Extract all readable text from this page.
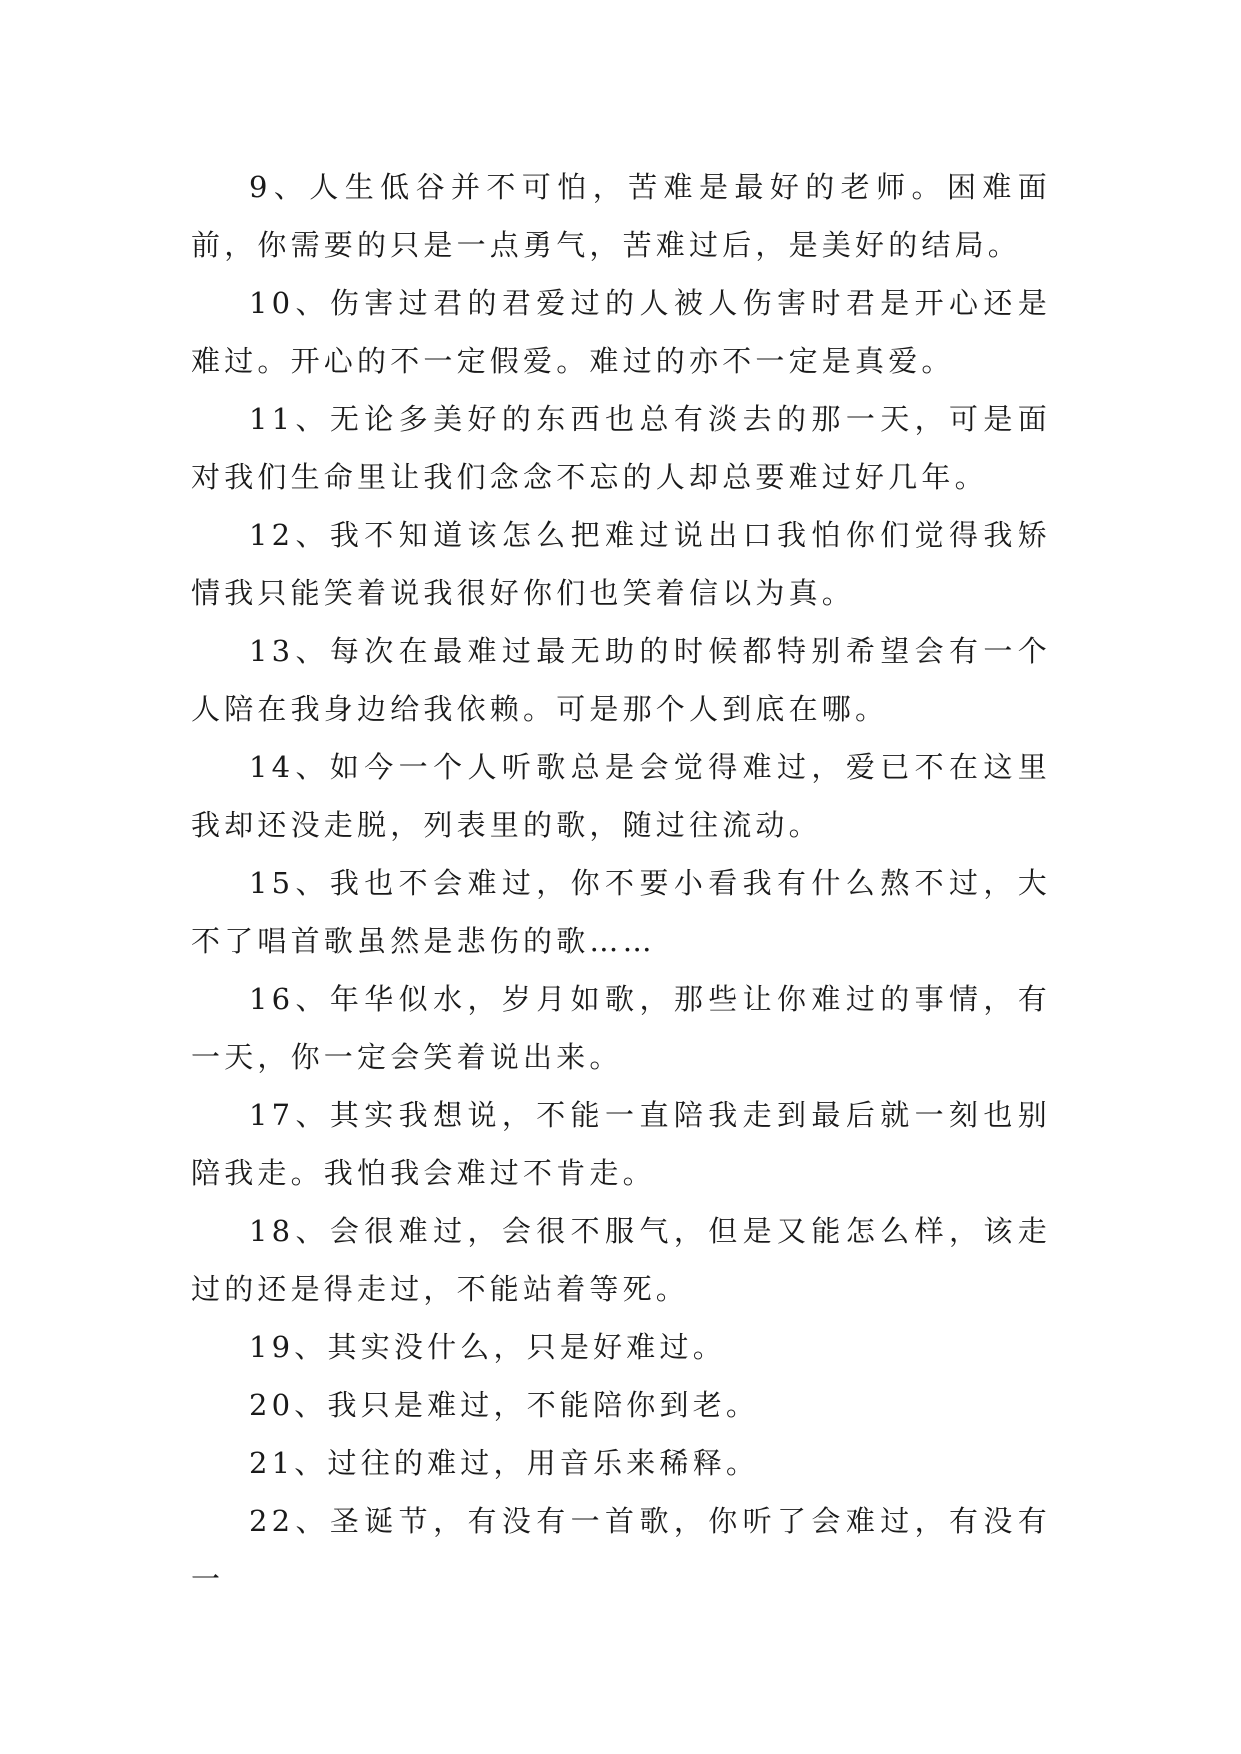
9、人生低谷并不可怕，苦难是最好的老师。困难面前，你需要的只是一点勇气，苦难过后，是美好的结局。

10、伤害过君的君爱过的人被人伤害时君是开心还是难过。开心的不一定假爱。难过的亦不一定是真爱。

11、无论多美好的东西也总有淡去的那一天，可是面对我们生命里让我们念念不忘的人却总要难过好几年。

12、我不知道该怎么把难过说出口我怕你们觉得我矫情我只能笑着说我很好你们也笑着信以为真。

13、每次在最难过最无助的时候都特别希望会有一个人陪在我身边给我依赖。可是那个人到底在哪。

14、如今一个人听歌总是会觉得难过，爱已不在这里我却还没走脱，列表里的歌，随过往流动。

15、我也不会难过，你不要小看我有什么熬不过，大不了唱首歌虽然是悲伤的歌……

16、年华似水，岁月如歌，那些让你难过的事情，有一天，你一定会笑着说出来。

17、其实我想说，不能一直陪我走到最后就一刻也别陪我走。我怕我会难过不肯走。

18、会很难过，会很不服气，但是又能怎么样，该走过的还是得走过，不能站着等死。

19、其实没什么，只是好难过。

20、我只是难过，不能陪你到老。

21、过往的难过，用音乐来稀释。

22、圣诞节，有没有一首歌，你听了会难过，有没有一
